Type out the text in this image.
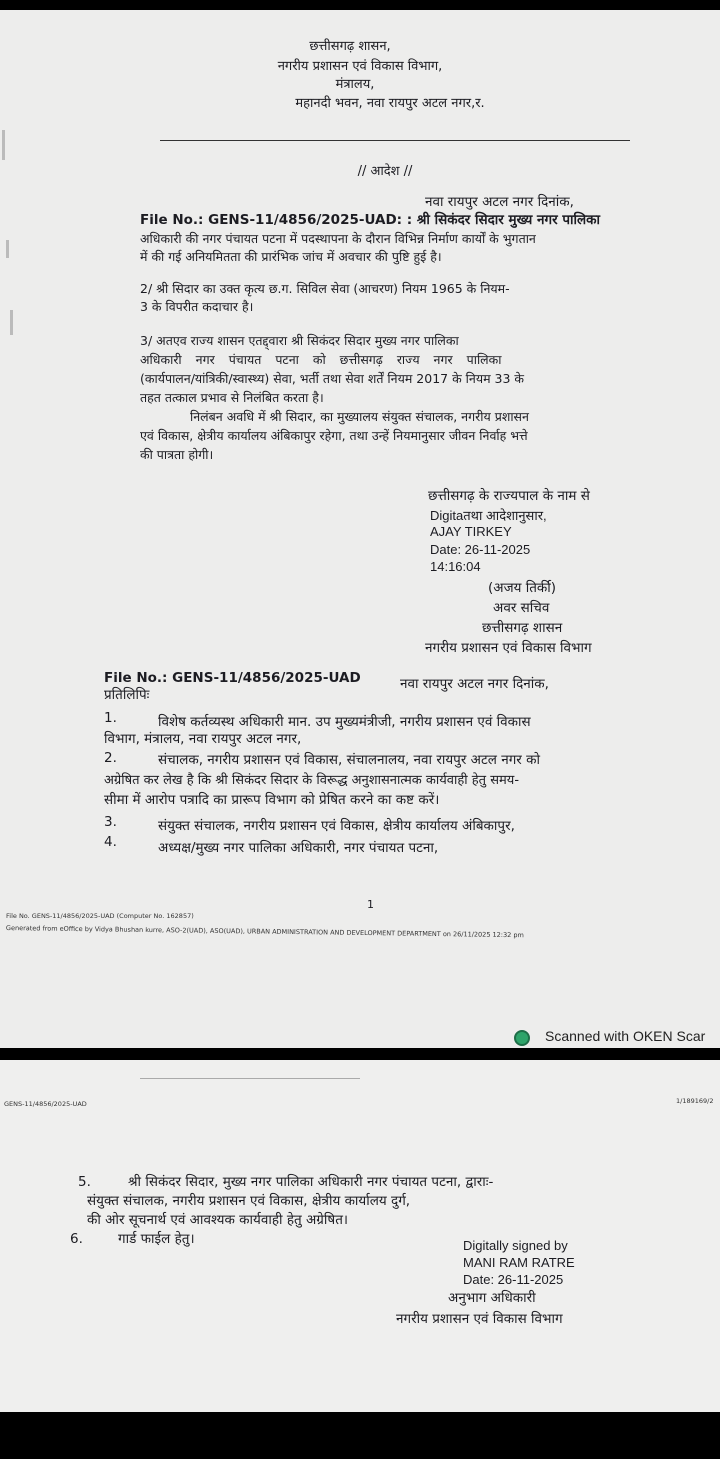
छत्तीसगढ़ शासन,
नगरीय प्रशासन एवं विकास विभाग,
मंत्रालय,
महानदी भवन, नवा रायपुर अटल नगर,र.
// आदेश //
नवा रायपुर अटल नगर दिनांक,
File No.: GENS-11/4856/2025-UAD: : श्री सिकंदर सिदार मुख्य नगर पालिका
अधिकारी की नगर पंचायत पटना में पदस्थापना के दौरान विभिन्न निर्माण कार्यों के भुगतान
में की गई अनियमितता की प्रारंभिक जांच में अवचार की पुष्टि हुई है।
2/ श्री सिदार का उक्त कृत्य छ.ग. सिविल सेवा (आचरण) नियम 1965 के नियम-
3 के विपरीत कदाचार है।
3/ अतएव राज्य शासन एतद्द्वारा श्री सिकंदर सिदार मुख्य नगर पालिका
अधिकारी नगर पंचायत पटना को छत्तीसगढ़ राज्य नगर पालिका
(कार्यपालन/यांत्रिकी/स्वास्थ्य) सेवा, भर्ती तथा सेवा शर्तें नियम 2017 के नियम 33 के
तहत तत्काल प्रभाव से निलंबित करता है।
निलंबन अवधि में श्री सिदार, का मुख्यालय संयुक्त संचालक, नगरीय प्रशासन
एवं विकास, क्षेत्रीय कार्यालय अंबिकापुर रहेगा, तथा उन्हें नियमानुसार जीवन निर्वाह भत्ते
की पात्रता होगी।
छत्तीसगढ़ के राज्यपाल के नाम से
Digitaतथा आदेशानुसार,
AJAY TIRKEY
Date: 26-11-2025
14:16:04
(अजय तिर्की)
अवर सचिव
छत्तीसगढ़ शासन
नगरीय प्रशासन एवं विकास विभाग
File No.: GENS-11/4856/2025-UAD	नवा रायपुर अटल नगर दिनांक,
प्रतिलिपिः
1.	विशेष कर्तव्यस्थ अधिकारी मान. उप मुख्यमंत्रीजी, नगरीय प्रशासन एवं विकास
विभाग, मंत्रालय, नवा रायपुर अटल नगर,
2.	संचालक, नगरीय प्रशासन एवं विकास, संचालनालय, नवा रायपुर अटल नगर को
अग्रेषित कर लेख है कि श्री सिकंदर सिदार के विरूद्ध अनुशासनात्मक कार्यवाही हेतु समय-
सीमा में आरोप पत्रादि का प्रारूप विभाग को प्रेषित करने का कष्ट करें।
3.	संयुक्त संचालक, नगरीय प्रशासन एवं विकास, क्षेत्रीय कार्यालय अंबिकापुर,
4.	अध्यक्ष/मुख्य नगर पालिका अधिकारी, नगर पंचायत पटना,
1
File No. GENS-11/4856/2025-UAD (Computer No. 162857)
Generated from eOffice by Vidya Bhushan kurre, ASO-2(UAD), ASO(UAD), URBAN ADMINISTRATION AND DEVELOPMENT DEPARTMENT on 26/11/2025 12:32 pm
Scanned with OKEN Scar
GENS-11/4856/2025-UAD	1/189169/2
5.	श्री सिकंदर सिदार, मुख्य नगर पालिका अधिकारी नगर पंचायत पटना, द्वाराः-
संयुक्त संचालक, नगरीय प्रशासन एवं विकास, क्षेत्रीय कार्यालय दुर्ग,
की ओर सूचनार्थ एवं आवश्यक कार्यवाही हेतु अग्रेषित।
6.	गार्ड फाईल हेतु।	Digitally signed by
MANI RAM RATRE
Date: 26-11-2025
अनुभाग अधिकारी
नगरीय प्रशासन एवं विकास विभाग
